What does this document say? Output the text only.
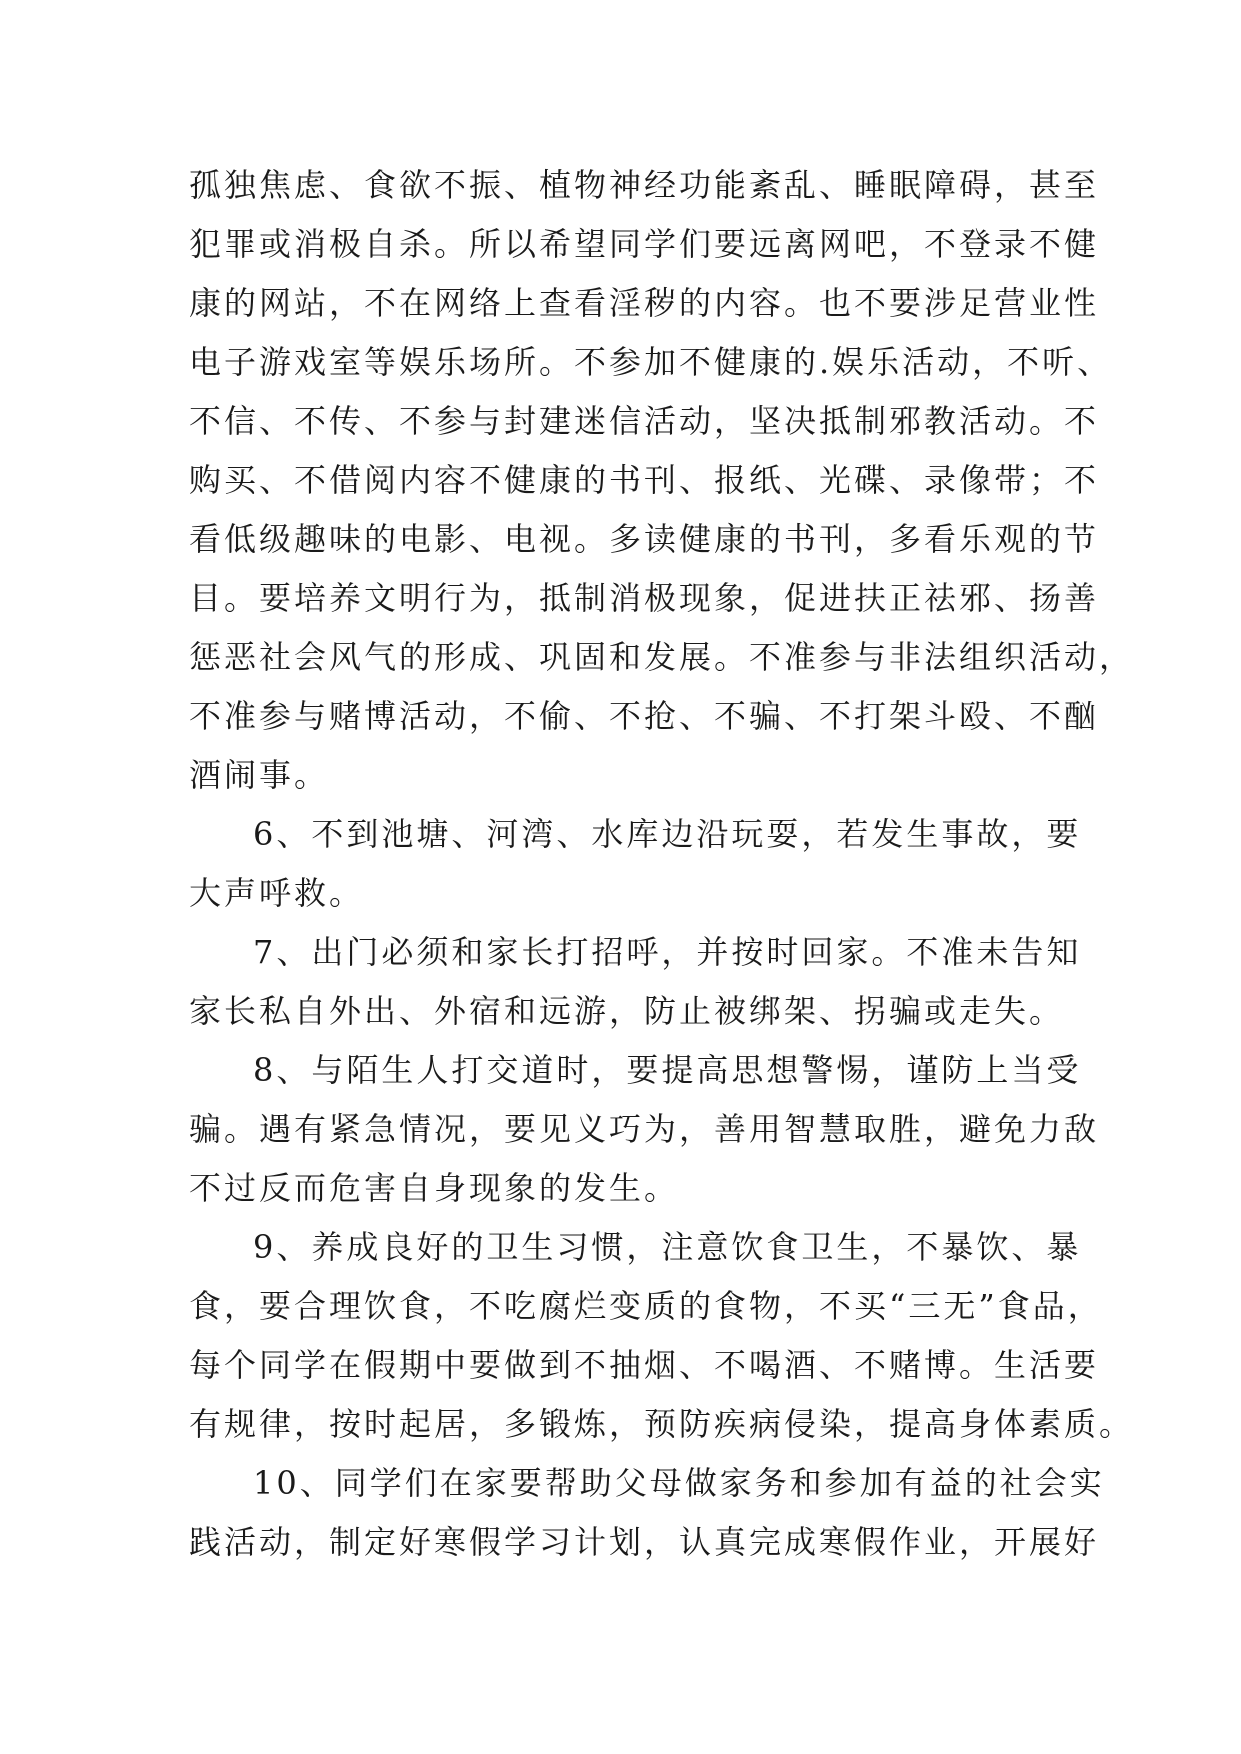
孤独焦虑、食欲不振、植物神经功能紊乱、睡眠障碍，甚至
犯罪或消极自杀。所以希望同学们要远离网吧，不登录不健
康的网站，不在网络上查看淫秽的内容。也不要涉足营业性
电子游戏室等娱乐场所。不参加不健康的.娱乐活动，不听、
不信、不传、不参与封建迷信活动，坚决抵制邪教活动。不
购买、不借阅内容不健康的书刊、报纸、光碟、录像带；不
看低级趣味的电影、电视。多读健康的书刊，多看乐观的节
目。要培养文明行为，抵制消极现象，促进扶正祛邪、扬善
惩恶社会风气的形成、巩固和发展。不准参与非法组织活动，
不准参与赌博活动，不偷、不抢、不骗、不打架斗殴、不酗
酒闹事。
6、不到池塘、河湾、水库边沿玩耍，若发生事故，要
大声呼救。
7、出门必须和家长打招呼，并按时回家。不准未告知
家长私自外出、外宿和远游，防止被绑架、拐骗或走失。
8、与陌生人打交道时，要提高思想警惕，谨防上当受
骗。遇有紧急情况，要见义巧为，善用智慧取胜，避免力敌
不过反而危害自身现象的发生。
9、养成良好的卫生习惯，注意饮食卫生，不暴饮、暴
食，要合理饮食，不吃腐烂变质的食物，不买“三无”食品，
每个同学在假期中要做到不抽烟、不喝酒、不赌博。生活要
有规律，按时起居，多锻炼，预防疾病侵染，提高身体素质。
10、同学们在家要帮助父母做家务和参加有益的社会实
践活动，制定好寒假学习计划，认真完成寒假作业，开展好
